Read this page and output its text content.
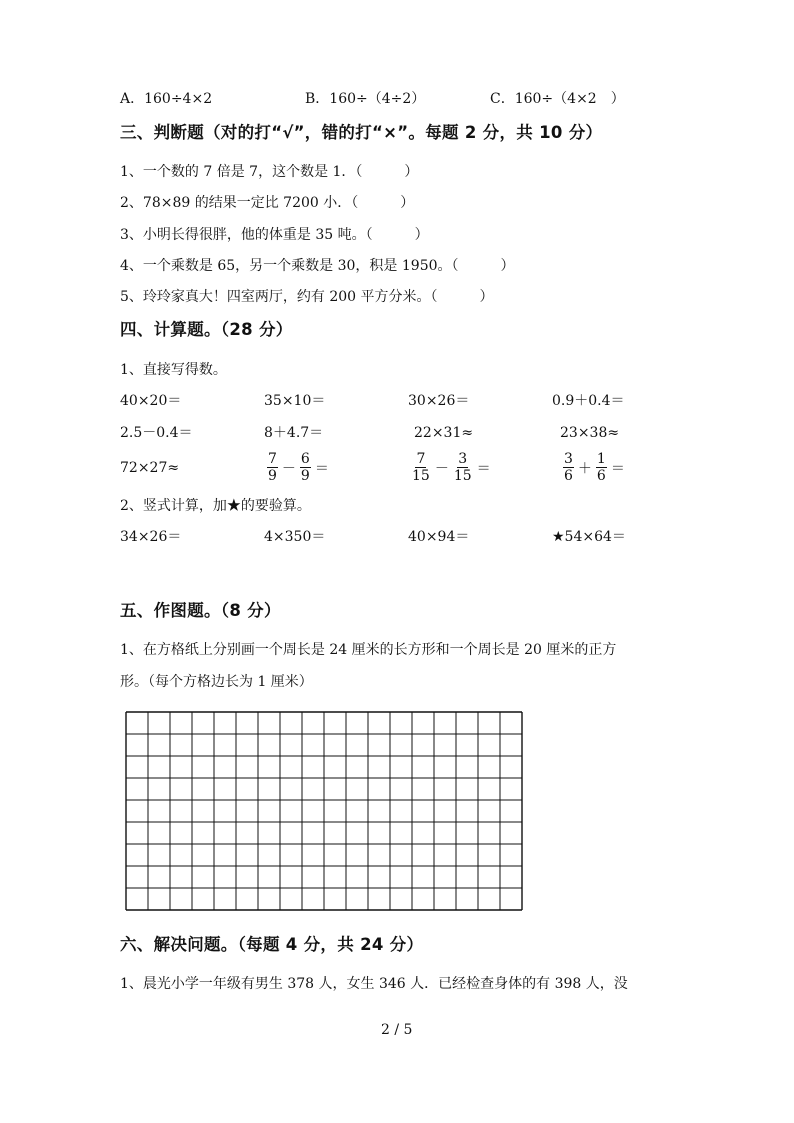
A．160÷4×2	B．160÷（4÷2）	C．160÷（4×2　）
三、判断题（对的打“√”，错的打“×”。每题 2 分，共 10 分）
1、一个数的 7 倍是 7，这个数是 1．（　　　）
2、78×89 的结果一定比 7200 小．（　　　）
3、小明长得很胖，他的体重是 35 吨。（　　　）
4、一个乘数是 65，另一个乘数是 30，积是 1950。（　　　）
5、玲玲家真大！四室两厅，约有 200 平方分米。（　　　）
四、计算题。（28 分）
1、直接写得数。
40×20＝	35×10＝	30×26＝	0.9＋0.4＝
2.5－0.4＝	8＋4.7＝	22×31≈	23×38≈
72×27≈	$\frac{7}{9} - \frac{6}{9}$ ＝	$\frac{7}{15} - \frac{3}{15}$ ＝	$\frac{3}{6} + \frac{1}{6}$ ＝
2、竖式计算，加★的要验算。
34×26＝	4×350＝	40×94＝	★54×64＝
五、作图题。（8 分）
1、在方格纸上分别画一个周长是 24 厘米的长方形和一个周长是 20 厘米的正方
形。（每个方格边长为 1 厘米）
六、解决问题。（每题 4 分，共 24 分）
1、晨光小学一年级有男生 378 人，女生 346 人．已经检查身体的有 398 人，没
2 / 5
